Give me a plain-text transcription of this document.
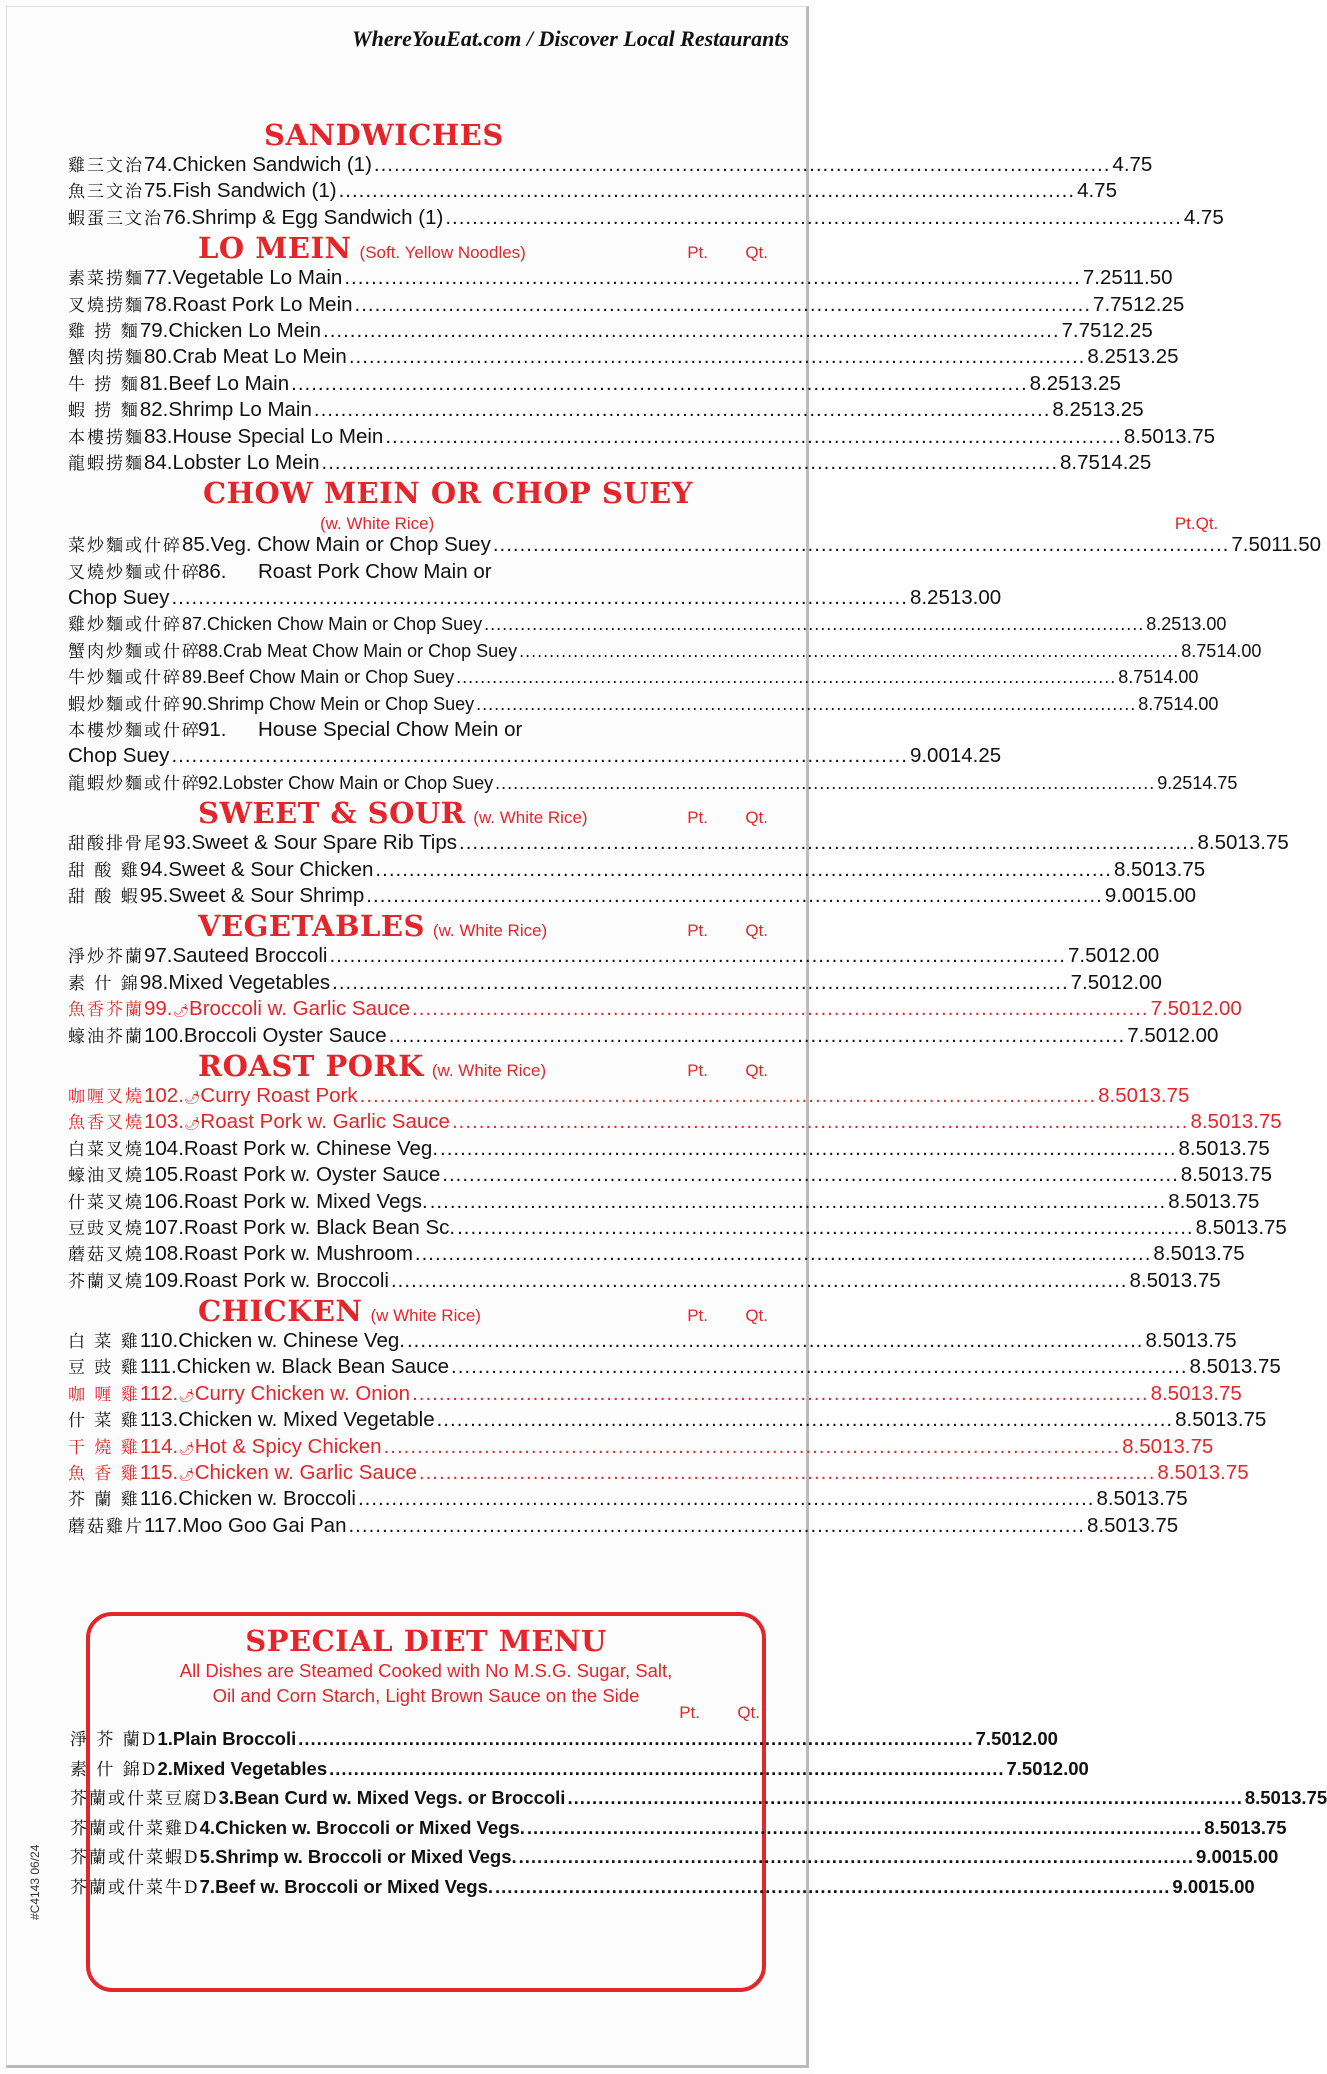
WhereYouEat.com / Discover Local Restaurants
SANDWICHES
雞三文治 74. Chicken Sandwich (1) .....	4.75
魚三文治 75. Fish Sandwich (1) .....	4.75
蝦蛋三文治 76. Shrimp & Egg Sandwich (1) .....	4.75
LO MEIN (Soft. Yellow Noodles)	Pt.	Qt.
素菜捞麵 77. Vegetable Lo Main .....	7.25 11.50
叉燒捞麵 78. Roast Pork Lo Mein .....	7.75 12.25
雞 捞 麵 79. Chicken Lo Mein .....	7.75 12.25
蟹肉捞麵 80. Crab Meat Lo Mein .....	8.25 13.25
牛 捞 麵 81. Beef Lo Main .....	8.25 13.25
蝦 捞 麵 82. Shrimp Lo Main .....	8.25 13.25
本樓捞麵 83. House Special Lo Mein .....	8.50 13.75
龍蝦捞麵 84. Lobster Lo Mein .....	8.75 14.25
CHOW MEIN OR CHOP SUEY
(w. White Rice)	Pt. Qt.
菜炒麵或什碎 85. Veg. Chow Main or Chop Suey .....	7.50 11.50
叉燒炒麵或什碎
86.	Roast Pork Chow Main or
Chop Suey .....	8.25 13.00
雞炒麵或什碎 87. Chicken Chow Main or Chop Suey .....	8.25 13.00
蟹肉炒麵或什碎
88. Crab Meat Chow Main or Chop Suey .....	8.75 14.00
牛炒麵或什碎 89. Beef Chow Main or Chop Suey .....	8.75 14.00
蝦炒麵或什碎 90. Shrimp Chow Mein or Chop Suey .....	8.75 14.00
本樓炒麵或什碎
91.	House Special Chow Mein or
Chop Suey .....	9.00 14.25
龍蝦炒麵或什碎
92. Lobster Chow Main or Chop Suey .....	9.25 14.75
SWEET & SOUR (w. White Rice)	Pt.	Qt.
甜酸排骨尾 93. Sweet & Sour Spare Rib Tips .....	8.50 13.75
甜 酸 雞 94. Sweet & Sour Chicken .....	8.50 13.75
甜 酸 蝦 95. Sweet & Sour Shrimp .....	9.00 15.00
VEGETABLES (w. White Rice)	Pt.	Qt.
淨炒芥蘭 97. Sauteed Broccoli .....	7.50 12.00
素 什 錦 98. Mixed Vegetables .....	7.50 12.00
魚香芥蘭 99. 🌶 Broccoli w. Garlic Sauce .....	7.50 12.00
蠔油芥蘭 100. Broccoli Oyster Sauce .....	7.50 12.00
ROAST PORK (w. White Rice)	Pt.	Qt.
咖喱叉燒 102. 🌶 Curry Roast Pork .....	8.50 13.75
魚香叉燒 103. 🌶 Roast Pork w. Garlic Sauce .....	8.50 13.75
白菜叉燒 104. Roast Pork w. Chinese Veg. .....	8.50 13.75
蠔油叉燒 105. Roast Pork w. Oyster Sauce .....	8.50 13.75
什菜叉燒 106. Roast Pork w. Mixed Vegs. .....	8.50 13.75
豆豉叉燒 107. Roast Pork w. Black Bean Sc. .....	8.50 13.75
蘑菇叉燒 108. Roast Pork w. Mushroom .....	8.50 13.75
芥蘭叉燒 109. Roast Pork w. Broccoli .....	8.50 13.75
CHICKEN (w White Rice)	Pt.	Qt.
白 菜 雞 110. Chicken w. Chinese Veg. .....	8.50 13.75
豆 豉 雞 111. Chicken w. Black Bean Sauce .....	8.50 13.75
咖 喱 雞 112. 🌶 Curry Chicken w. Onion .....	8.50 13.75
什 菜 雞 113. Chicken w. Mixed Vegetable .....	8.50 13.75
干 燒 雞 114. 🌶 Hot & Spicy Chicken .....	8.50 13.75
魚 香 雞 115. 🌶 Chicken w. Garlic Sauce .....	8.50 13.75
芥 蘭 雞 116. Chicken w. Broccoli .....	8.50 13.75
蘑菇雞片 117. Moo Goo Gai Pan .....	8.50 13.75
SPECIAL DIET MENU
All Dishes are Steamed Cooked with No M.S.G. Sugar, Salt,
Oil and Corn Starch, Light Brown Sauce on the Side
Pt.	Qt.
淨 芥 蘭D 1. Plain Broccoli .....	7.50 12.00
素 什 錦D 2. Mixed Vegetables .....	7.50 12.00
芥蘭或什菜豆腐D 3. Bean Curd w. Mixed Vegs. or Broccoli .....	8.50 13.75
芥蘭或什菜雞D 4. Chicken w. Broccoli or Mixed Vegs. .....	8.50 13.75
芥蘭或什菜蝦D 5. Shrimp w. Broccoli or Mixed Vegs. .....	9.00 15.00
芥蘭或什菜牛D 7. Beef w. Broccoli or Mixed Vegs. .....	9.00 15.00
#C4143 06/24
